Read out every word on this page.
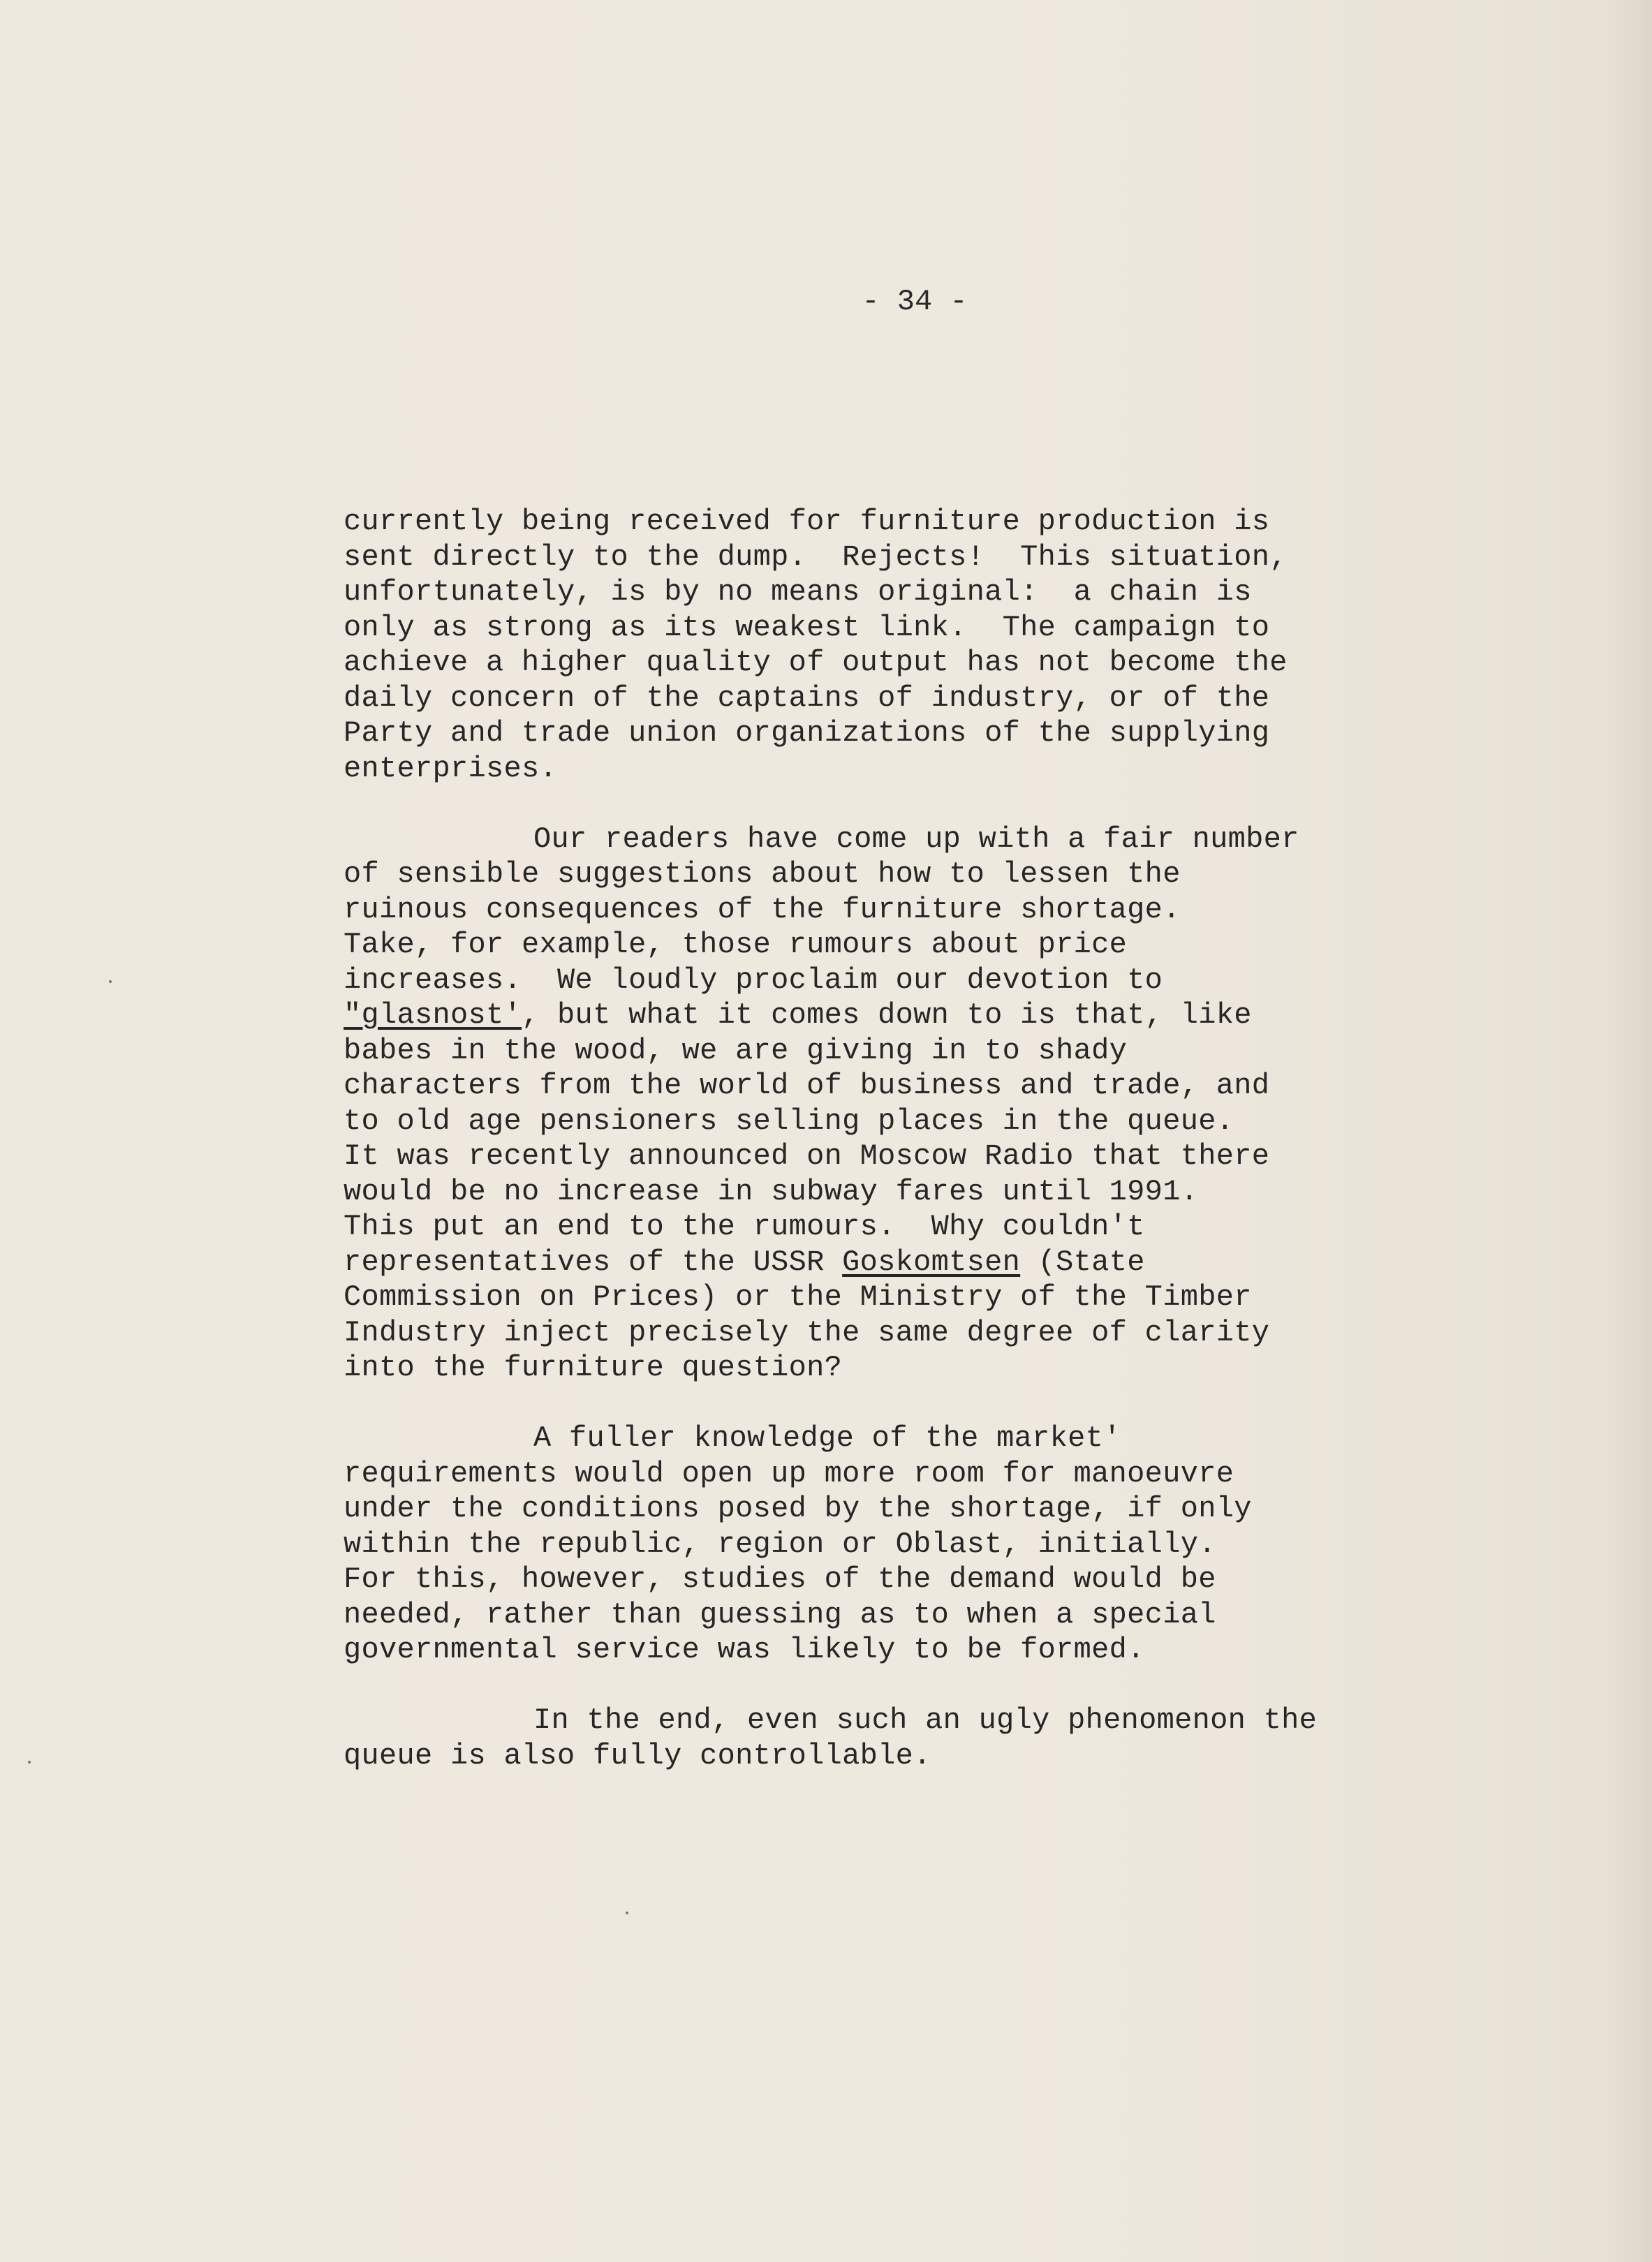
- 34 -
currently being received for furniture production is
sent directly to the dump.  Rejects!  This situation,
unfortunately, is by no means original:  a chain is
only as strong as its weakest link.  The campaign to
achieve a higher quality of output has not become the
daily concern of the captains of industry, or of the
Party and trade union organizations of the supplying
enterprises.
Our readers have come up with a fair number
of sensible suggestions about how to lessen the
ruinous consequences of the furniture shortage.
Take, for example, those rumours about price
increases.  We loudly proclaim our devotion to
"glasnost', but what it comes down to is that, like
babes in the wood, we are giving in to shady
characters from the world of business and trade, and
to old age pensioners selling places in the queue.
It was recently announced on Moscow Radio that there
would be no increase in subway fares until 1991.
This put an end to the rumours.  Why couldn't
representatives of the USSR Goskomtsen (State
Commission on Prices) or the Ministry of the Timber
Industry inject precisely the same degree of clarity
into the furniture question?
A fuller knowledge of the market'
requirements would open up more room for manoeuvre
under the conditions posed by the shortage, if only
within the republic, region or Oblast, initially.
For this, however, studies of the demand would be
needed, rather than guessing as to when a special
governmental service was likely to be formed.
In the end, even such an ugly phenomenon the
queue is also fully controllable.
